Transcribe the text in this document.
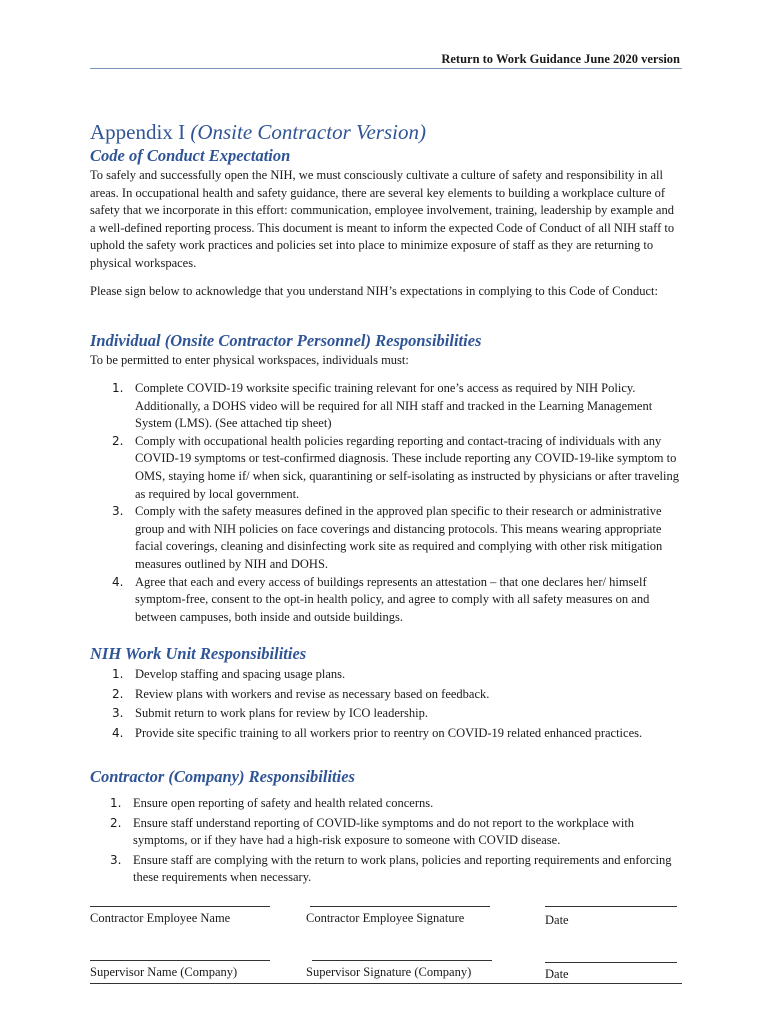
Return to Work Guidance June 2020 version
Appendix I (Onsite Contractor Version)
Code of Conduct Expectation

To safely and successfully open the NIH, we must consciously cultivate a culture of safety and responsibility in all areas. In occupational health and safety guidance, there are several key elements to building a workplace culture of safety that we incorporate in this effort: communication, employee involvement, training, leadership by example and a well-defined reporting process. This document is meant to inform the expected Code of Conduct of all NIH staff to uphold the safety work practices and policies set into place to minimize exposure of staff as they are returning to physical workspaces.

Please sign below to acknowledge that you understand NIH’s expectations in complying to this Code of Conduct:

Individual (Onsite Contractor Personnel) Responsibilities

To be permitted to enter physical workspaces, individuals must:

1. Complete COVID-19 worksite specific training relevant for one’s access as required by NIH Policy. Additionally, a DOHS video will be required for all NIH staff and tracked in the Learning Management System (LMS). (See attached tip sheet)
2. Comply with occupational health policies regarding reporting and contact-tracing of individuals with any COVID-19 symptoms or test-confirmed diagnosis. These include reporting any COVID-19-like symptom to OMS, staying home if/ when sick, quarantining or self-isolating as instructed by physicians or after traveling as required by local government.
3. Comply with the safety measures defined in the approved plan specific to their research or administrative group and with NIH policies on face coverings and distancing protocols. This means wearing appropriate facial coverings, cleaning and disinfecting work site as required and complying with other risk mitigation measures outlined by NIH and DOHS.
4. Agree that each and every access of buildings represents an attestation – that one declares her/ himself symptom-free, consent to the opt-in health policy, and agree to comply with all safety measures on and between campuses, both inside and outside buildings.
NIH Work Unit Responsibilities
1. Develop staffing and spacing usage plans.
2. Review plans with workers and revise as necessary based on feedback.
3. Submit return to work plans for review by ICO leadership.
4. Provide site specific training to all workers prior to reentry on COVID-19 related enhanced practices.
Contractor (Company) Responsibilities
1. Ensure open reporting of safety and health related concerns.
2. Ensure staff understand reporting of COVID-like symptoms and do not report to the workplace with symptoms, or if they have had a high-risk exposure to someone with COVID disease.
3. Ensure staff are complying with the return to work plans, policies and reporting requirements and enforcing these requirements when necessary.
Contractor Employee Name	Contractor Employee Signature	Date
Supervisor Name (Company)	Supervisor Signature (Company)	Date
